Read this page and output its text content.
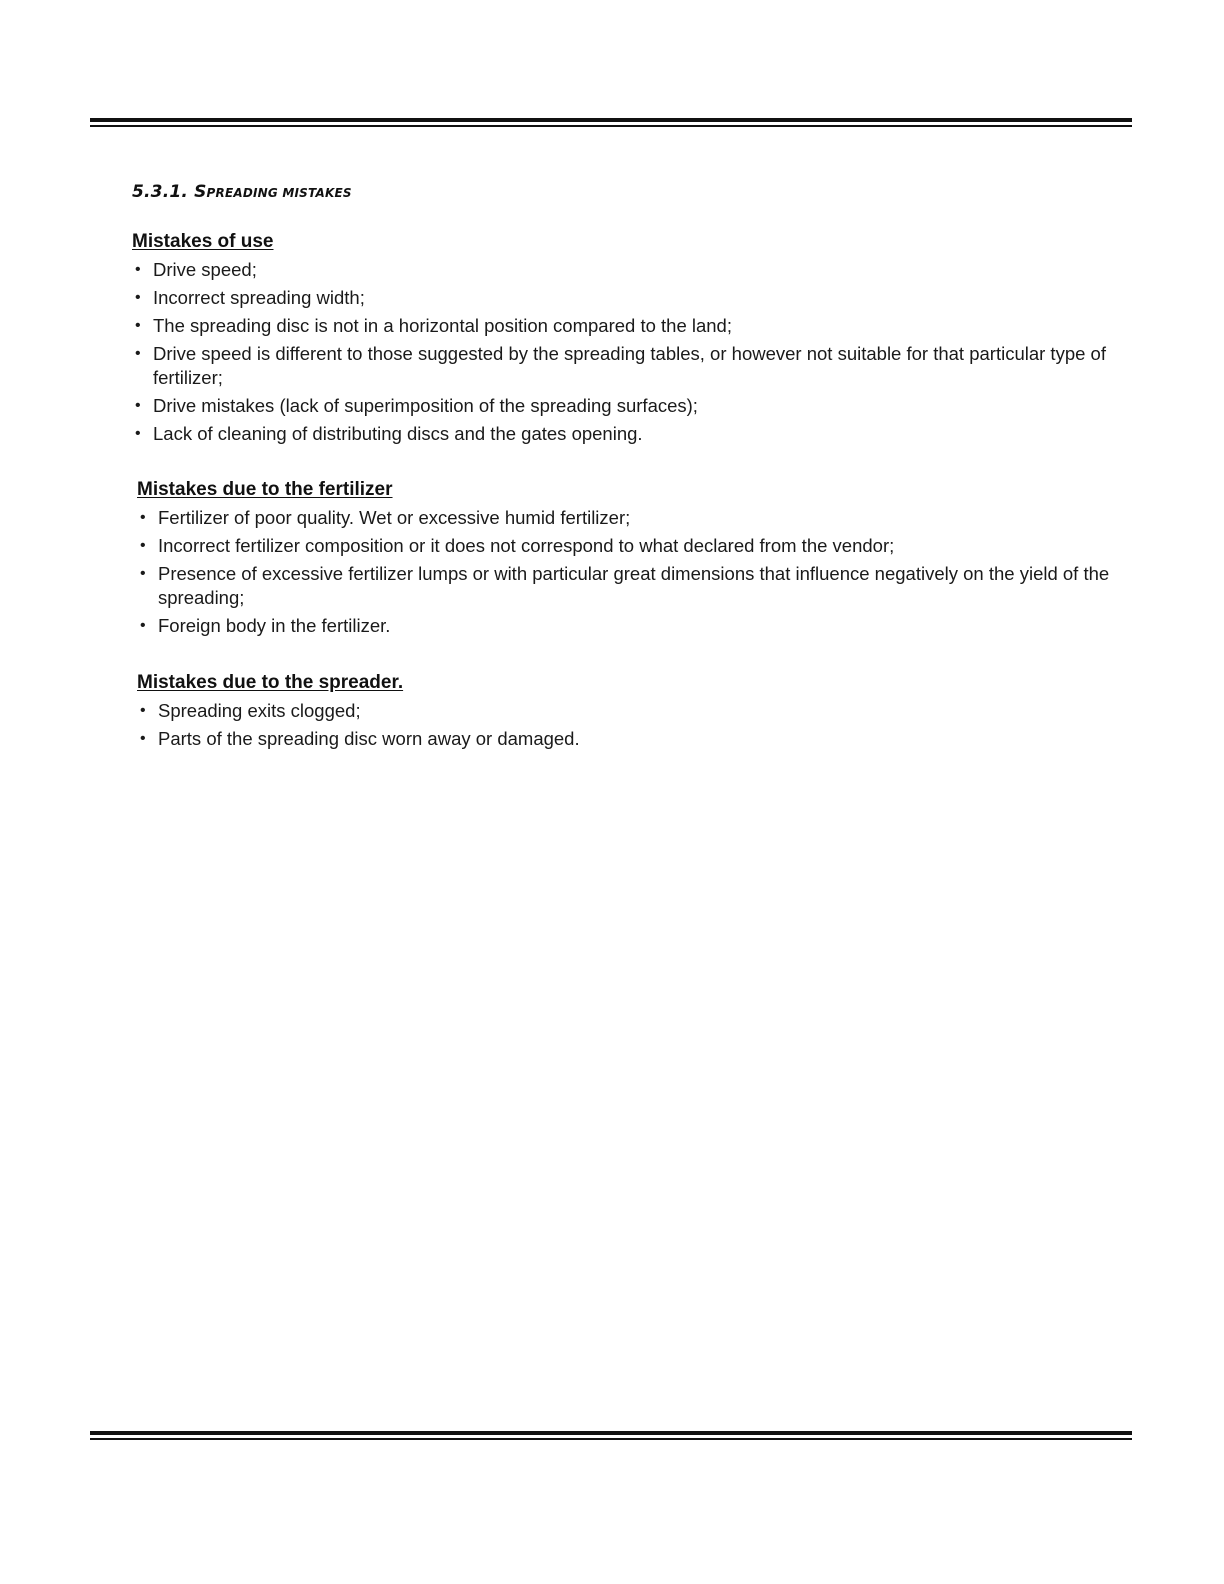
5.3.1. SPREADING MISTAKES
Mistakes of use
• Drive speed;
• Incorrect spreading width;
• The spreading disc is not in a horizontal position compared to the land;
• Drive speed is different to those suggested by the spreading tables, or however not suitable for that particular type of fertilizer;
• Drive mistakes (lack of superimposition of the spreading surfaces);
• Lack of cleaning of distributing discs and the gates opening.
Mistakes due to the fertilizer
• Fertilizer of poor quality. Wet or excessive humid fertilizer;
• Incorrect fertilizer composition or it does not correspond to what declared from the vendor;
• Presence of excessive fertilizer lumps or with particular great dimensions that influence negatively on the yield of the spreading;
• Foreign body in the fertilizer.
Mistakes due to the spreader.
• Spreading exits clogged;
• Parts of the spreading disc worn away or damaged.
